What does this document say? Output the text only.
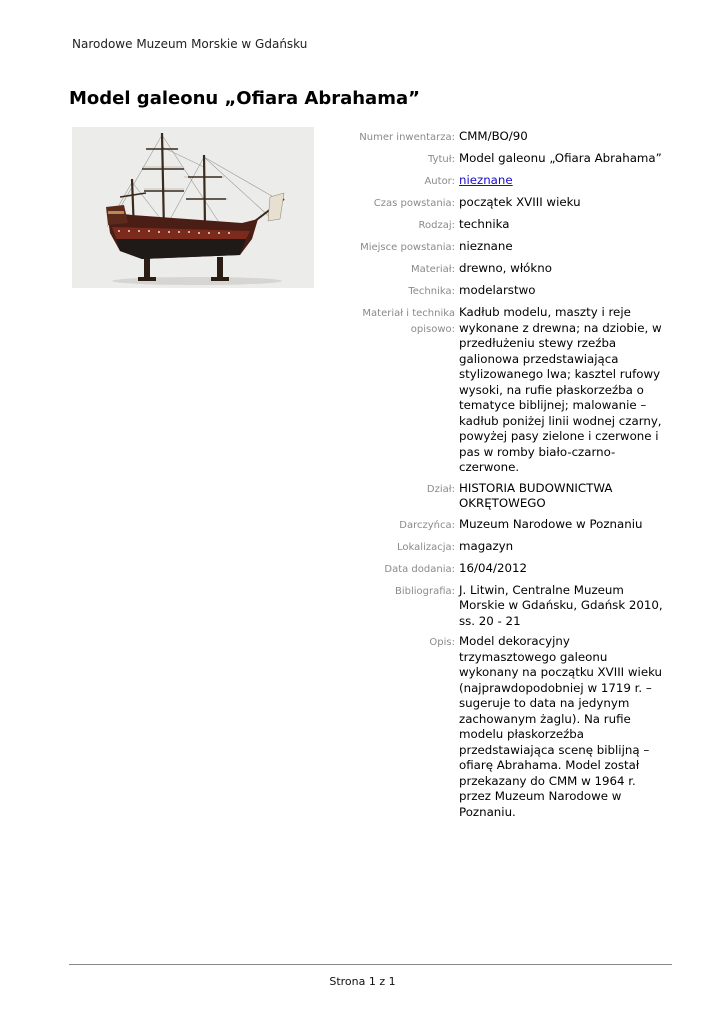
Narodowe Muzeum Morskie w Gdańsku
Model galeonu „Ofiara Abrahama”
Numer inwentarza: CMM/BO/90
Tytuł: Model galeonu „Ofiara Abrahama”
Autor: nieznane
Czas powstania: początek XVIII wieku
Rodzaj: technika
Miejsce powstania: nieznane
Materiał: drewno, włókno
Technika: modelarstwo
Materiał i technika opisowo:
Kadłub modelu, maszty i reje wykonane z drewna; na dziobie, w przedłużeniu stewy rzeźba galionowa przedstawiająca stylizowanego lwa; kasztel rufowy wysoki, na rufie płaskorzeźba o tematyce biblijnej; malowanie – kadłub poniżej linii wodnej czarny, powyżej pasy zielone i czerwone i pas w romby biało-czarno-czerwone.
Dział: HISTORIA BUDOWNICTWA OKRĘTOWEGO
Darczyńca: Muzeum Narodowe w Poznaniu
Lokalizacja: magazyn
Data dodania: 16/04/2012
Bibliografia: J. Litwin, Centralne Muzeum Morskie w Gdańsku, Gdańsk 2010, ss. 20 - 21
Opis: Model dekoracyjny trzymasztowego galeonu wykonany na początku XVIII wieku (najprawdopodobniej w 1719 r. – sugeruje to data na jedynym zachowanym żaglu). Na rufie modelu płaskorzeźba przedstawiająca scenę biblijną – ofiarę Abrahama. Model został przekazany do CMM w 1964 r. przez Muzeum Narodowe w Poznaniu.
Strona 1 z 1
